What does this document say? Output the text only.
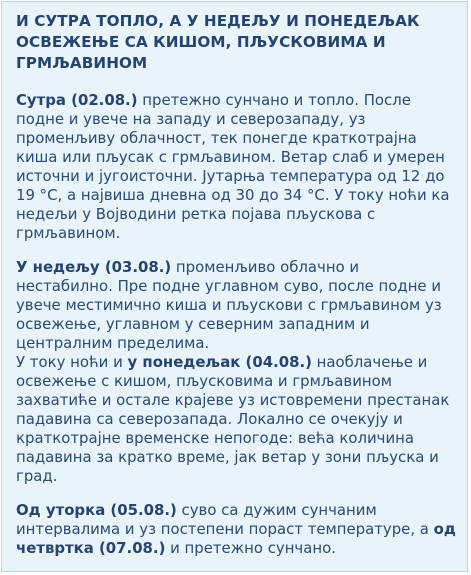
И СУТРА ТОПЛО, А У НЕДЕЉУ И ПОНЕДЕЉАК ОСВЕЖЕЊЕ СА КИШОМ, ПЉУСКОВИМА И ГРМЉАВИНОМ

Сутра (02.08.) претежно сунчано и топло. После подне и увече на западу и северозападу, уз променљиву облачност, тек понегде краткотрајна киша или пљусак с грмљавином. Ветар слаб и умерен источни и југоисточни. Јутарња температура од 12 до 19 °C, а највиша дневна од 30 до 34 °C. У току ноћи ка недељи у Војводини ретка појава пљускова с грмљавином.

У недељу (03.08.) променљиво облачно и нестабилно. Пре подне углавном суво, после подне и увече местимично киша и пљускови с грмљавином уз освежење, углавном у северним западним и централним пределима.

У току ноћи и у понедељак (04.08.) наоблачење и освежење с кишом, пљусковима и грмљавином захватиће и остале крајеве уз истовремени престанак падавина са северозапада. Локално се очекују и краткотрајне временске непогоде: већа количина падавина за кратко време, јак ветар у зони пљуска и град.

Од уторка (05.08.) суво са дужим сунчаним интервалима и уз постепени пораст температуре, а од четвртка (07.08.) и претежно сунчано.
